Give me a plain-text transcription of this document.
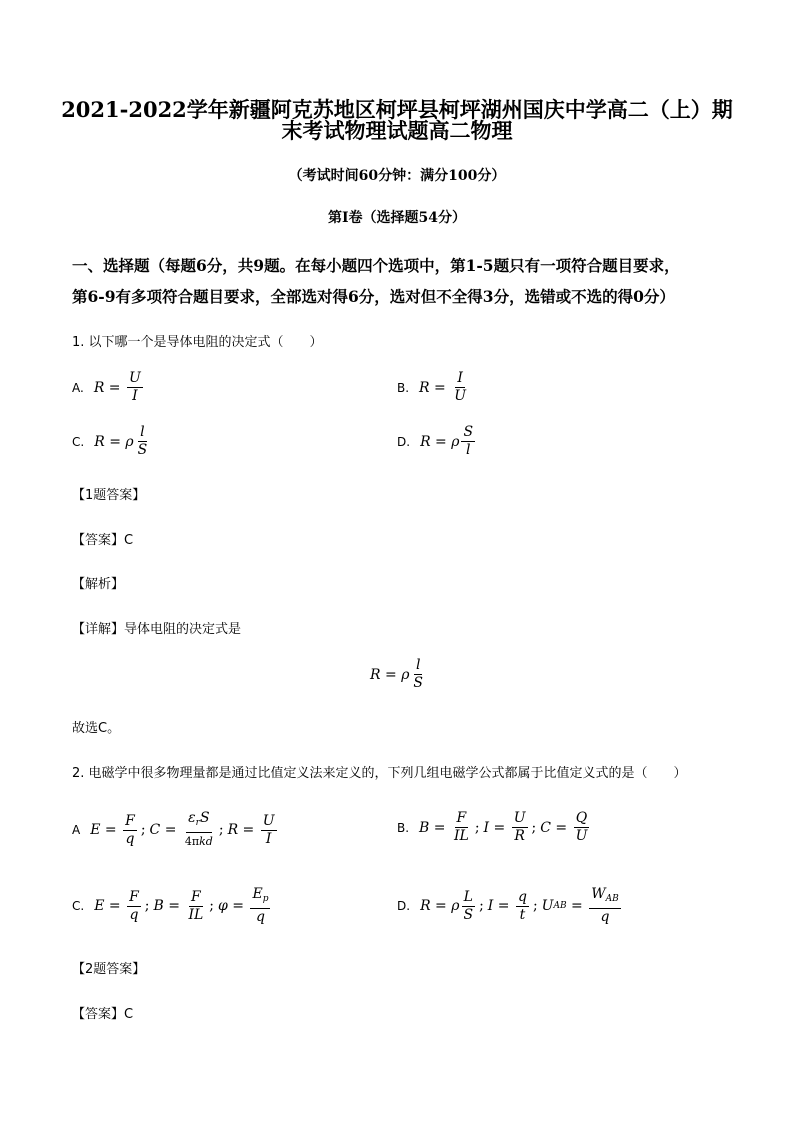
2021-2022学年新疆阿克苏地区柯坪县柯坪湖州国庆中学高二（上）期
末考试物理试题高二物理
（考试时间60分钟：满分100分）
第I卷（选择题54分）
一、选择题（每题6分，共9题。在每小题四个选项中，第1-5题只有一项符合题目要求，
第6-9有多项符合题目要求，全部选对得6分，选对但不全得3分，选错或不选的得0分）
1. 以下哪一个是导体电阻的决定式（　　）
A. $R = \frac{U}{I}$	B. $R = \frac{I}{U}$
C. R = ρ $\frac{l}{S}$	D. R = ρ $\frac{S}{l}$
【1题答案】
【答案】C
【解析】
【详解】导体电阻的决定式是
R = ρ $\frac{l}{S}$
故选C。
2. 电磁学中很多物理量都是通过比值定义法来定义的，下列几组电磁学公式都属于比值定义式的是（　　）
A $E = \frac{F}{q}$ ; $C = \frac{\varepsilon_rS}{\text{4πkd}}$ ; $R = \frac{U}{I}$	B. $B = \frac{F}{IL}$ ; $I = \frac{U}{R}$ ; $C = \frac{Q}{U}$
C. $E = \frac{F}{q}$ ; $B = \frac{F}{IL}$ ; $\varphi = \frac{E_p}{q}$	D. R = ρ $\frac{L}{S}$ ; $I = \frac{q}{t}$ ; U AB = $\frac{W_{AB}}{q}$
【2题答案】
【答案】C
